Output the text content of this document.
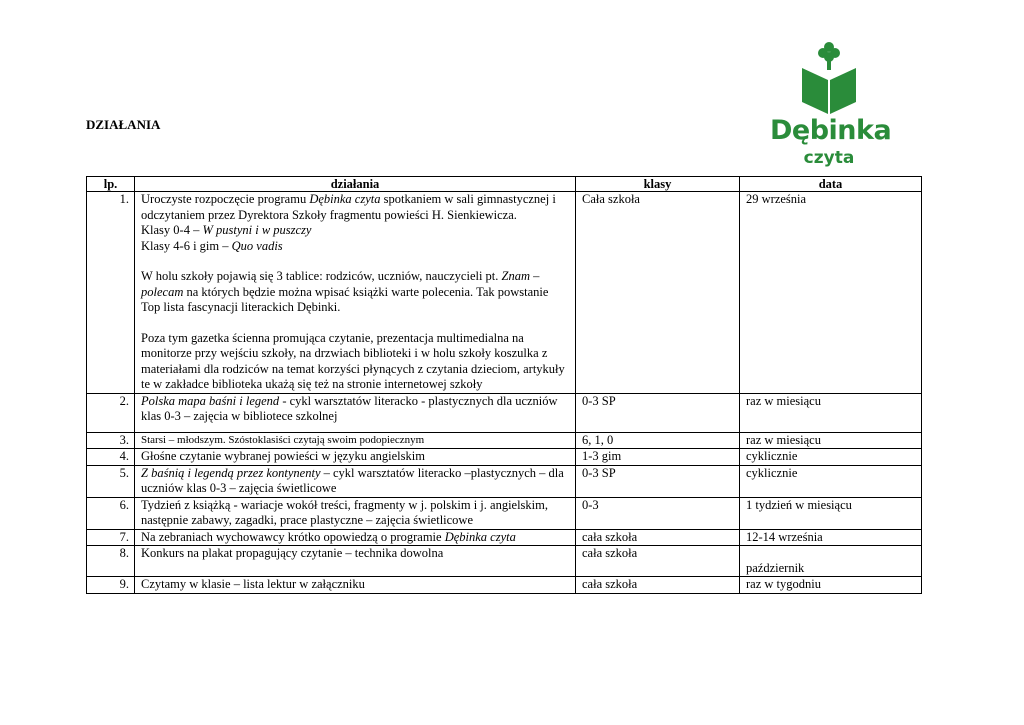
DZIAŁANIA	Dębinka
czyta
lp.	działania	klasy	data
1.	Uroczyste rozpoczęcie programu Dębinka czyta spotkaniem w sali gimnastycznej i odczytaniem przez Dyrektora Szkoły fragmentu powieści H. Sienkiewicza.
Klasy 0-4 – W pustyni i w puszczy
Klasy 4-6 i gim – Quo vadis
W holu szkoły pojawią się 3 tablice: rodziców, uczniów, nauczycieli pt. Znam – polecam na których będzie można wpisać książki warte polecenia. Tak powstanie Top lista fascynacji literackich Dębinki.
Poza tym gazetka ścienna promująca czytanie, prezentacja multimedialna na monitorze przy wejściu szkoły, na drzwiach biblioteki i w holu szkoły koszulka z materiałami dla rodziców na temat korzyści płynących z czytania dzieciom, artykuły te w zakładce biblioteka ukażą się też na stronie internetowej szkoły	Cała szkoła	29 września
2.	Polska mapa baśni i legend - cykl warsztatów literacko - plastycznych dla uczniów klas 0-3 – zajęcia w bibliotece szkolnej	0-3 SP	raz w miesiącu
3.	Starsi – młodszym. Szóstoklasiści czytają swoim podopiecznym	6, 1, 0	raz w miesiącu
4.	Głośne czytanie wybranej powieści w języku angielskim	1-3 gim	cyklicznie
5.	Z baśnią i legendą przez kontynenty – cykl warsztatów literacko –plastycznych – dla uczniów klas 0-3 – zajęcia świetlicowe	0-3 SP	cyklicznie
6.	Tydzień z książką - wariacje wokół treści, fragmenty w j. polskim i j. angielskim, następnie zabawy, zagadki, prace plastyczne – zajęcia świetlicowe	0-3	1 tydzień w miesiącu
7.	Na zebraniach wychowawcy krótko opowiedzą o programie Dębinka czyta	cała szkoła	12-14 września
8.	Konkurs na plakat propagujący czytanie – technika dowolna	cała szkoła	październik
9.	Czytamy w klasie – lista lektur w załączniku	cała szkoła	raz w tygodniu
